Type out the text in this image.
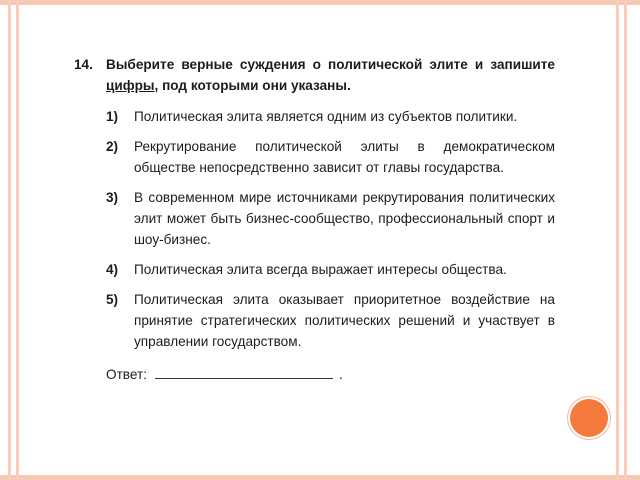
14. Выберите верные суждения о политической элите и запишите цифры, под которыми они указаны.
1)	Политическая элита является одним из субъектов политики.
2)	Рекрутирование политической элиты в демократическом обществе непосредственно зависит от главы государства.
3)	В современном мире источниками рекрутирования политических элит может быть бизнес-сообщество, профессиональный спорт и шоу-бизнес.
4)	Политическая элита всегда выражает интересы общества.
5)	Политическая элита оказывает приоритетное воздействие на принятие стратегических политических решений и участвует в управлении государством.
Ответ:	.
